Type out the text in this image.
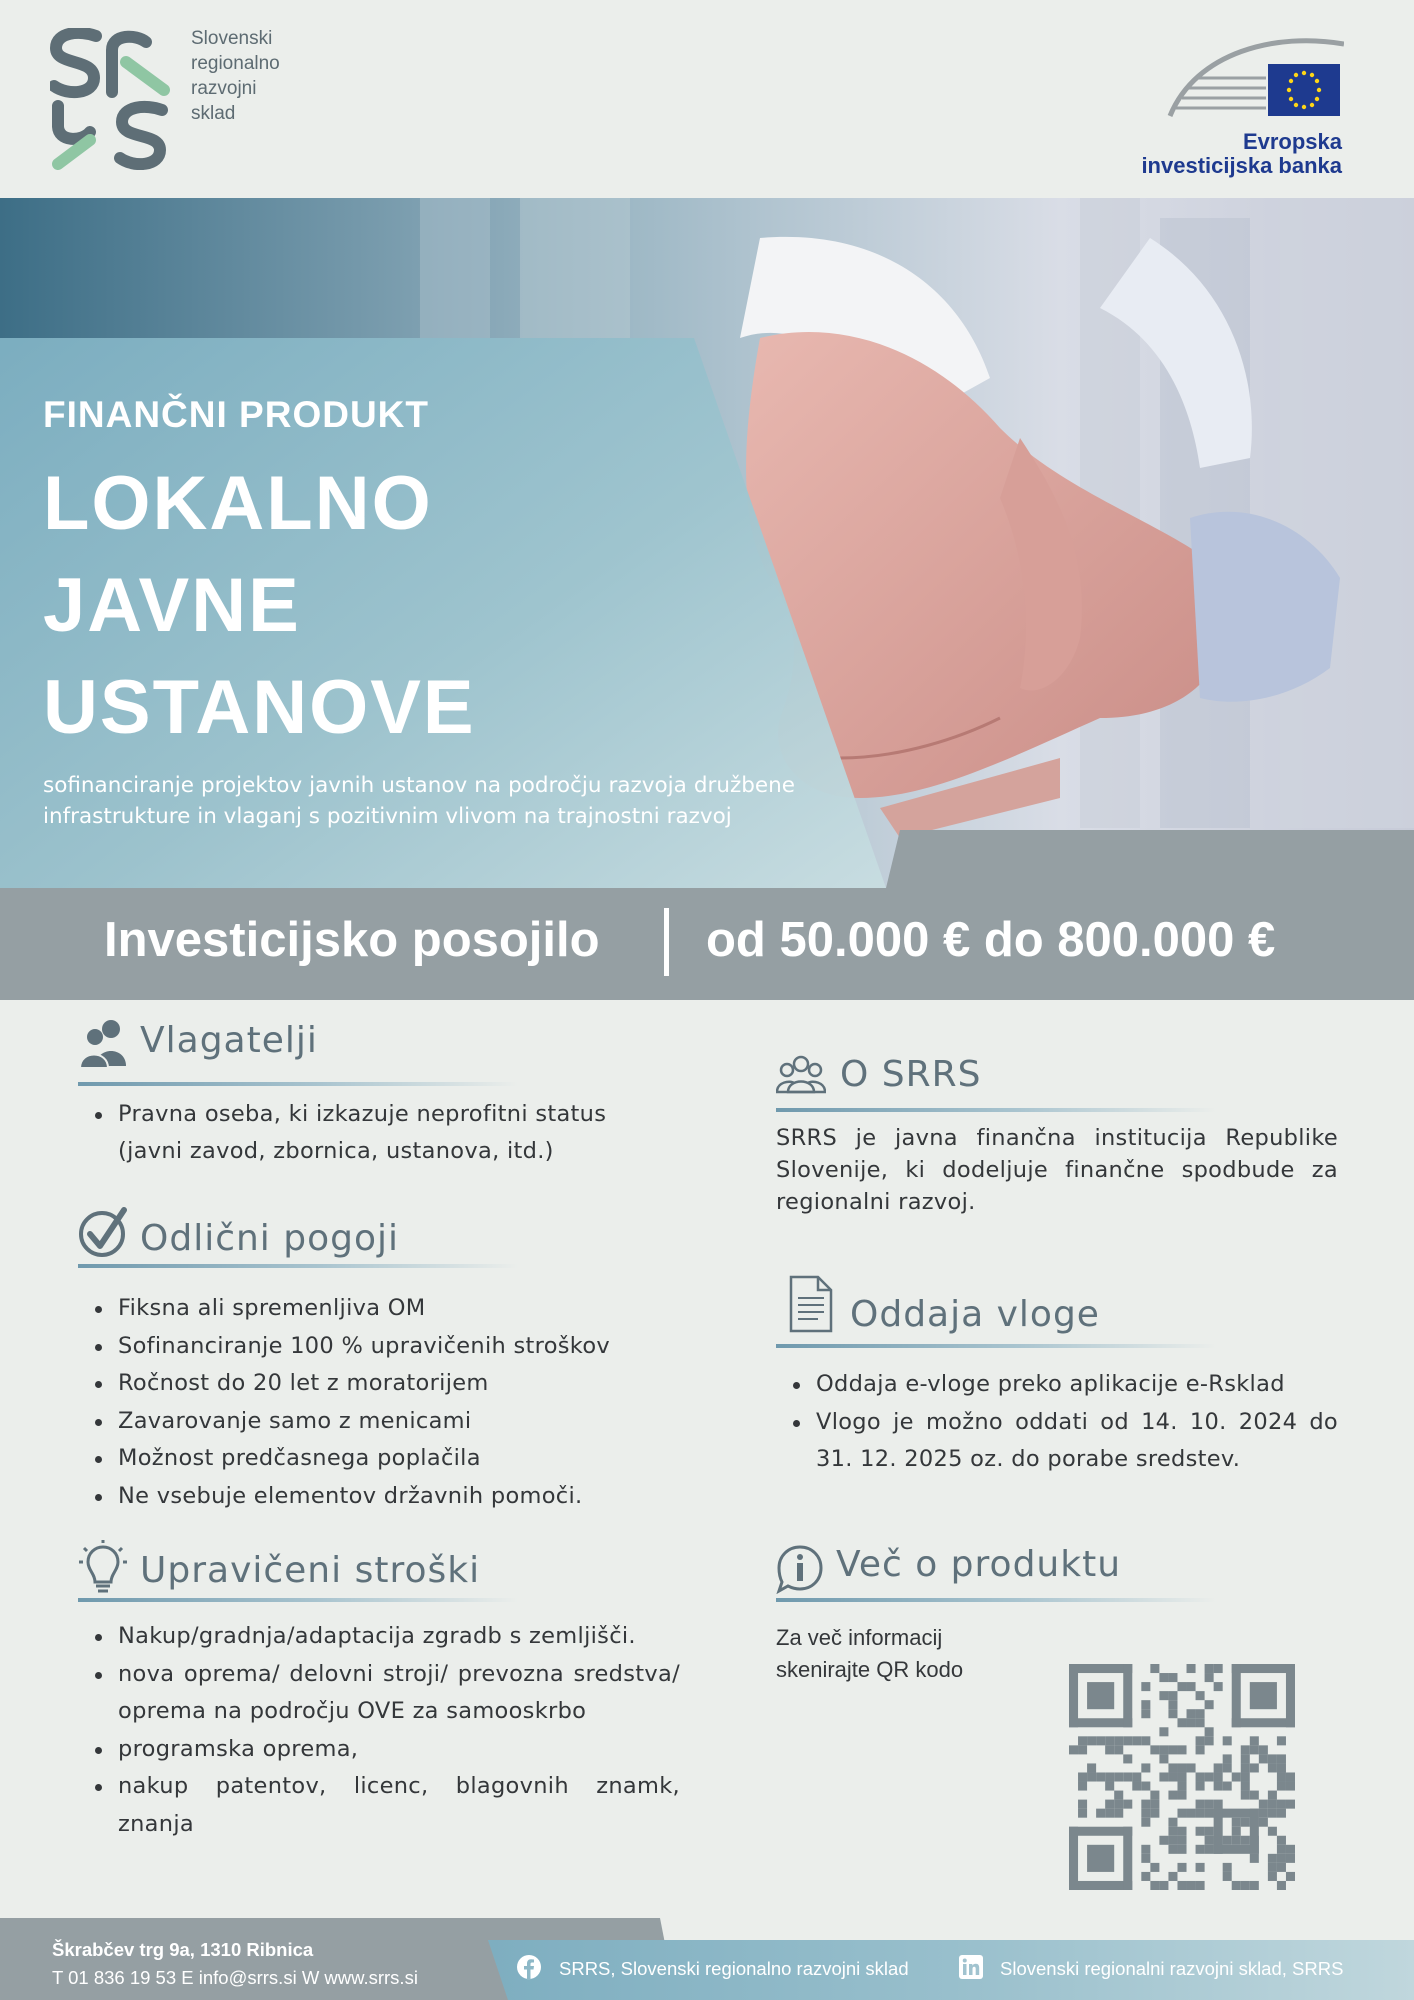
Slovenski
regionalno
razvojni
sklad
Evropska
investicijska banka
FINANČNI PRODUKT
LOKALNO
JAVNE
USTANOVE
sofinanciranje projektov javnih ustanov na področju razvoja družbene infrastrukture in vlaganj s pozitivnim vlivom na trajnostni razvoj
Investicijsko posojilo od 50.000 € do 800.000 €
Vlagatelji
Pravna oseba, ki izkazuje neprofitni status (javni zavod, zbornica, ustanova, itd.)
Odlični pogoji
Fiksna ali spremenljiva OM
Sofinanciranje 100 % upravičenih stroškov
Ročnost do 20 let z moratorijem
Zavarovanje samo z menicami
Možnost predčasnega poplačila
Ne vsebuje elementov državnih pomoči.
Upravičeni stroški
Nakup/gradnja/adaptacija zgradb s zemljišči.
nova oprema/ delovni stroji/ prevozna sredstva/ oprema na področju OVE za samooskrbo
programska oprema,
nakup patentov, licenc, blagovnih znamk, znanja
O SRRS
SRRS je javna finančna institucija Republike Slovenije, ki dodeljuje finančne spodbude za regionalni razvoj.
Oddaja vloge
Oddaja e-vloge preko aplikacije e-Rsklad
Vlogo je možno oddati od 14. 10. 2024 do 31. 12. 2025 oz. do porabe sredstev.
Več o produktu
Za več informacij
skenirajte QR kodo
Škrabčev trg 9a, 1310 Ribnica
T 01 836 19 53 E info@srrs.si W www.srrs.si	SRRS, Slovenski regionalno razvojni sklad	Slovenski regionalni razvojni sklad, SRRS
